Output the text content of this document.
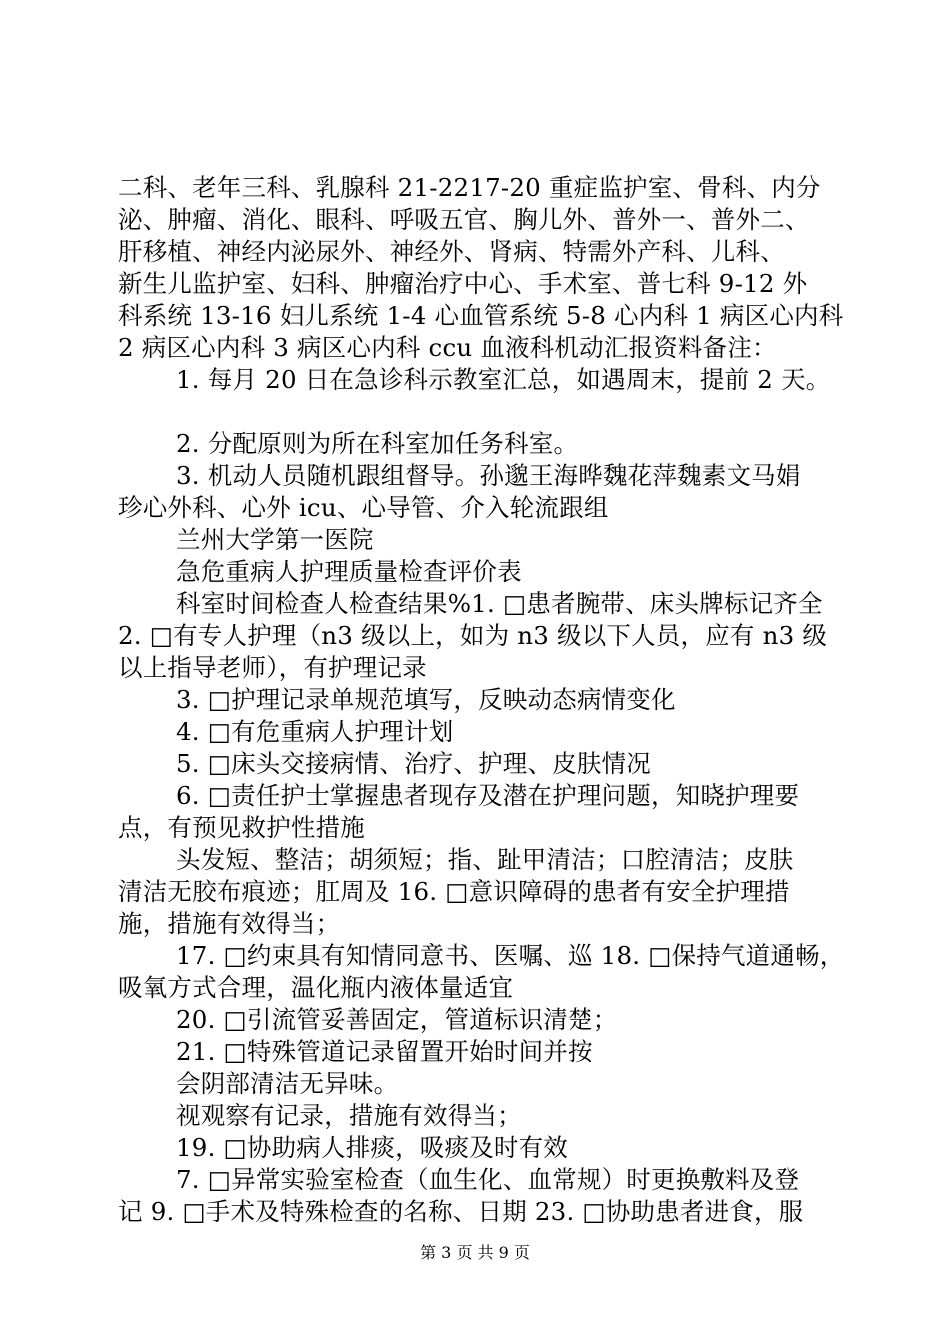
二科、老年三科、乳腺科 21-2217-20 重症监护室、骨科、内分
泌、肿瘤、消化、眼科、呼吸五官、胸儿外、普外一、普外二、
肝移植、神经内泌尿外、神经外、肾病、特需外产科、儿科、
新生儿监护室、妇科、肿瘤治疗中心、手术室、普七科 9-12 外
科系统 13-16 妇儿系统 1-4 心血管系统 5-8 心内科 1 病区心内科
2 病区心内科 3 病区心内科 ccu 血液科机动汇报资料备注：
1. 每月 20 日在急诊科示教室汇总，如遇周末，提前 2 天。
2. 分配原则为所在科室加任务科室。
3. 机动人员随机跟组督导。孙邈王海晔魏花萍魏素文马娟
珍心外科、心外 icu、心导管、介入轮流跟组
兰州大学第一医院
急危重病人护理质量检查评价表
科室时间检查人检查结果%1. □患者腕带、床头牌标记齐全
2. □有专人护理（n3 级以上，如为 n3 级以下人员，应有 n3 级
以上指导老师），有护理记录
3. □护理记录单规范填写，反映动态病情变化
4. □有危重病人护理计划
5. □床头交接病情、治疗、护理、皮肤情况
6. □责任护士掌握患者现存及潜在护理问题，知晓护理要
点，有预见救护性措施
头发短、整洁；胡须短；指、趾甲清洁；口腔清洁；皮肤
清洁无胶布痕迹；肛周及 16. □意识障碍的患者有安全护理措
施，措施有效得当；
17. □约束具有知情同意书、医嘱、巡 18. □保持气道通畅，
吸氧方式合理，温化瓶内液体量适宜
20. □引流管妥善固定，管道标识清楚；
21. □特殊管道记录留置开始时间并按
会阴部清洁无异味。
视观察有记录，措施有效得当；
19. □协助病人排痰，吸痰及时有效
7. □异常实验室检查（血生化、血常规）时更换敷料及登
记 9. □手术及特殊检查的名称、日期 23. □协助患者进食，服
第 3 页 共 9 页
